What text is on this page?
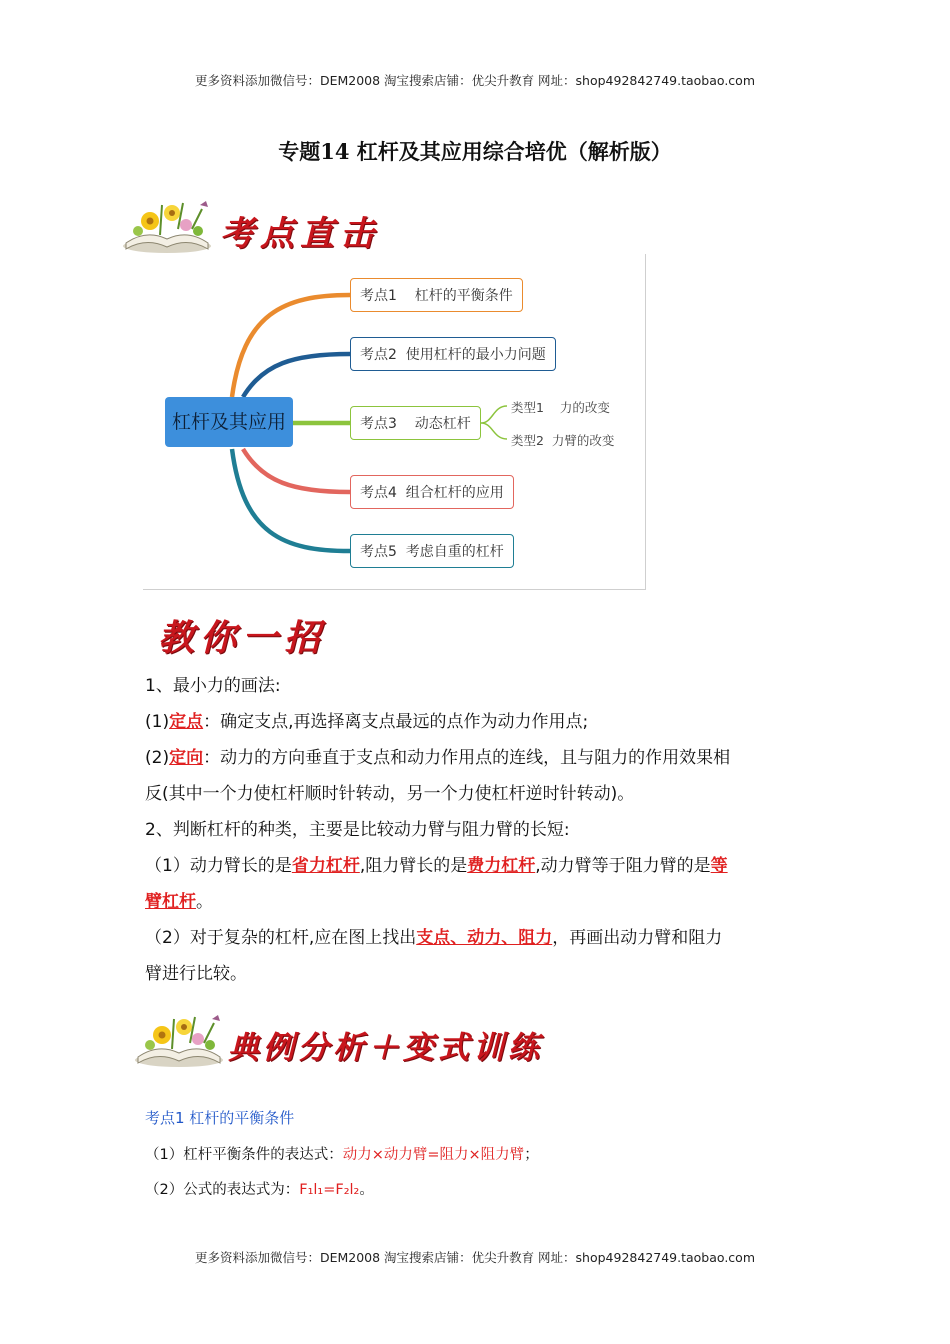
更多资料添加微信号：DEM2008 淘宝搜索店铺：优尖升教育 网址：shop492842749.taobao.com
专题14 杠杆及其应用综合培优（解析版）
考点直击
杠杆及其应用
考点1    杠杆的平衡条件
考点2  使用杠杆的最小力问题
考点3    动态杠杆
考点4  组合杠杆的应用
考点5  考虑自重的杠杆
类型1    力的改变
类型2  力臂的改变
教你一招
1、最小力的画法:
(1)定点：确定支点,再选择离支点最远的点作为动力作用点;
(2)定向：动力的方向垂直于支点和动力作用点的连线，且与阻力的作用效果相
反(其中一个力使杠杆顺时针转动，另一个力使杠杆逆时针转动)。
2、判断杠杆的种类，主要是比较动力臂与阻力臂的长短:
（1）动力臂长的是省力杠杆,阻力臂长的是费力杠杆,动力臂等于阻力臂的是等
臂杠杆。
（2）对于复杂的杠杆,应在图上找出支点、动力、阻力，再画出动力臂和阻力
臂进行比较。
典例分析＋变式训练
考点1 杠杆的平衡条件
（1）杠杆平衡条件的表达式：动力×动力臂=阻力×阻力臂；
（2）公式的表达式为：F₁l₁=F₂l₂。
更多资料添加微信号：DEM2008 淘宝搜索店铺：优尖升教育 网址：shop492842749.taobao.com
